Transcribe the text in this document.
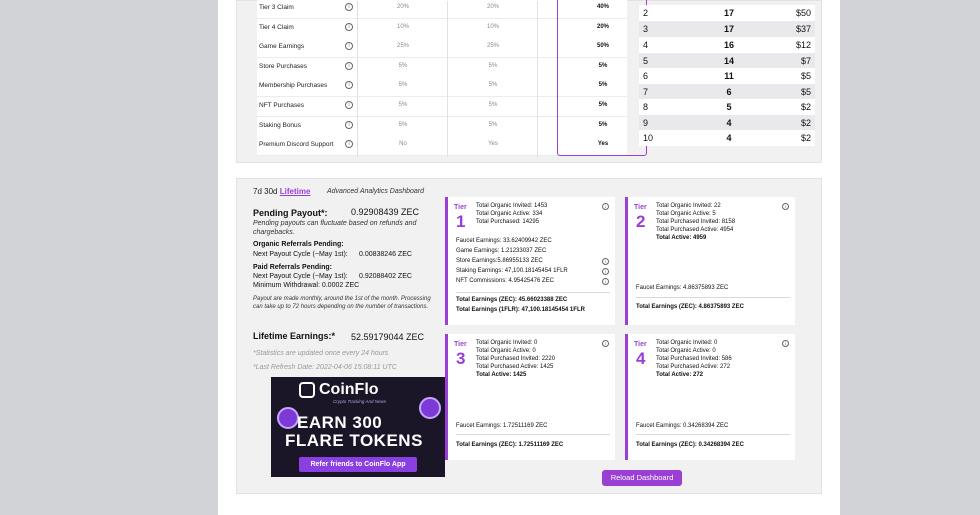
Tier 3 Claim	i	20%	20%	40%
Tier 4 Claim	i	10%	10%	20%
Game Earnings	i	25%	25%	50%
Store Purchases	i	5%	5%	5%
Membership Purchases	i	5%	5%	5%
NFT Purchases	i	5%	5%	5%
Staking Bonus	i	5%	5%	5%
Premium Discord Support	i	No	Yes	Yes
2	17	$50
3	17	$37
4	16	$12
5	14	$7
6	11	$5
7	6	$5
8	5	$2
9	4	$2
10	4	$2
7d 30d Lifetime	Advanced Analytics Dashboard
Pending Payout*:	0.92908439 ZEC
Pending payouts can fluctuate based on refunds and chargebacks.
Organic Referrals Pending:
Next Payout Cycle (~May 1st):	0.00838246 ZEC
Paid Referrals Pending:
Next Payout Cycle (~May 1st):	0.92088402 ZEC
Minimum Withdrawal: 0.0002 ZEC
Payout are made monthly, around the 1st of the month. Processing can take up to 72 hours depending on the number of transactions.
Lifetime Earnings:*	52.59179044 ZEC
*Statistics are updated once every 24 hours
*Last Refresh Date: 2022-04-06 15:08:11 UTC
CoinFlo
Crypto Tracking And News
EARN 300
FLARE TOKENS
Refer friends to CoinFlo App
Tier
1
i
Total Organic Invited: 1453
Total Organic Active: 334
Total Purchased: 14295
Faucet Earnings: 33.62409942 ZEC
Game Earnings: 1.21233037 ZEC
Store Earnings:5.86955133 ZEC	i
Staking Earnings: 47,100.18145454 1FLR	i
NFT Commissions: 4.95425476 ZEC	i
Total Earnings (ZEC): 45.66023388 ZEC
Total Earnings (1FLR): 47,100.18145454 1FLR
Tier
2
i
Total Organic Invited: 22
Total Organic Active: 5
Total Purchased Invited: 8158
Total Purchased Active: 4954
Total Active: 4959
Faucet Earnings: 4.86375893 ZEC
Total Earnings (ZEC): 4.86375893 ZEC
Tier
3
i
Total Organic Invited: 0
Total Organic Active: 0
Total Purchased Invited: 2220
Total Purchased Active: 1425
Total Active: 1425
Faucet Earnings: 1.72511169 ZEC
Total Earnings (ZEC): 1.72511169 ZEC
Tier
4
i
Total Organic Invited: 0
Total Organic Active: 0
Total Purchased Invited: 586
Total Purchased Active: 272
Total Active: 272
Faucet Earnings: 0.34268394 ZEC
Total Earnings (ZEC): 0.34268394 ZEC
Reload Dashboard
